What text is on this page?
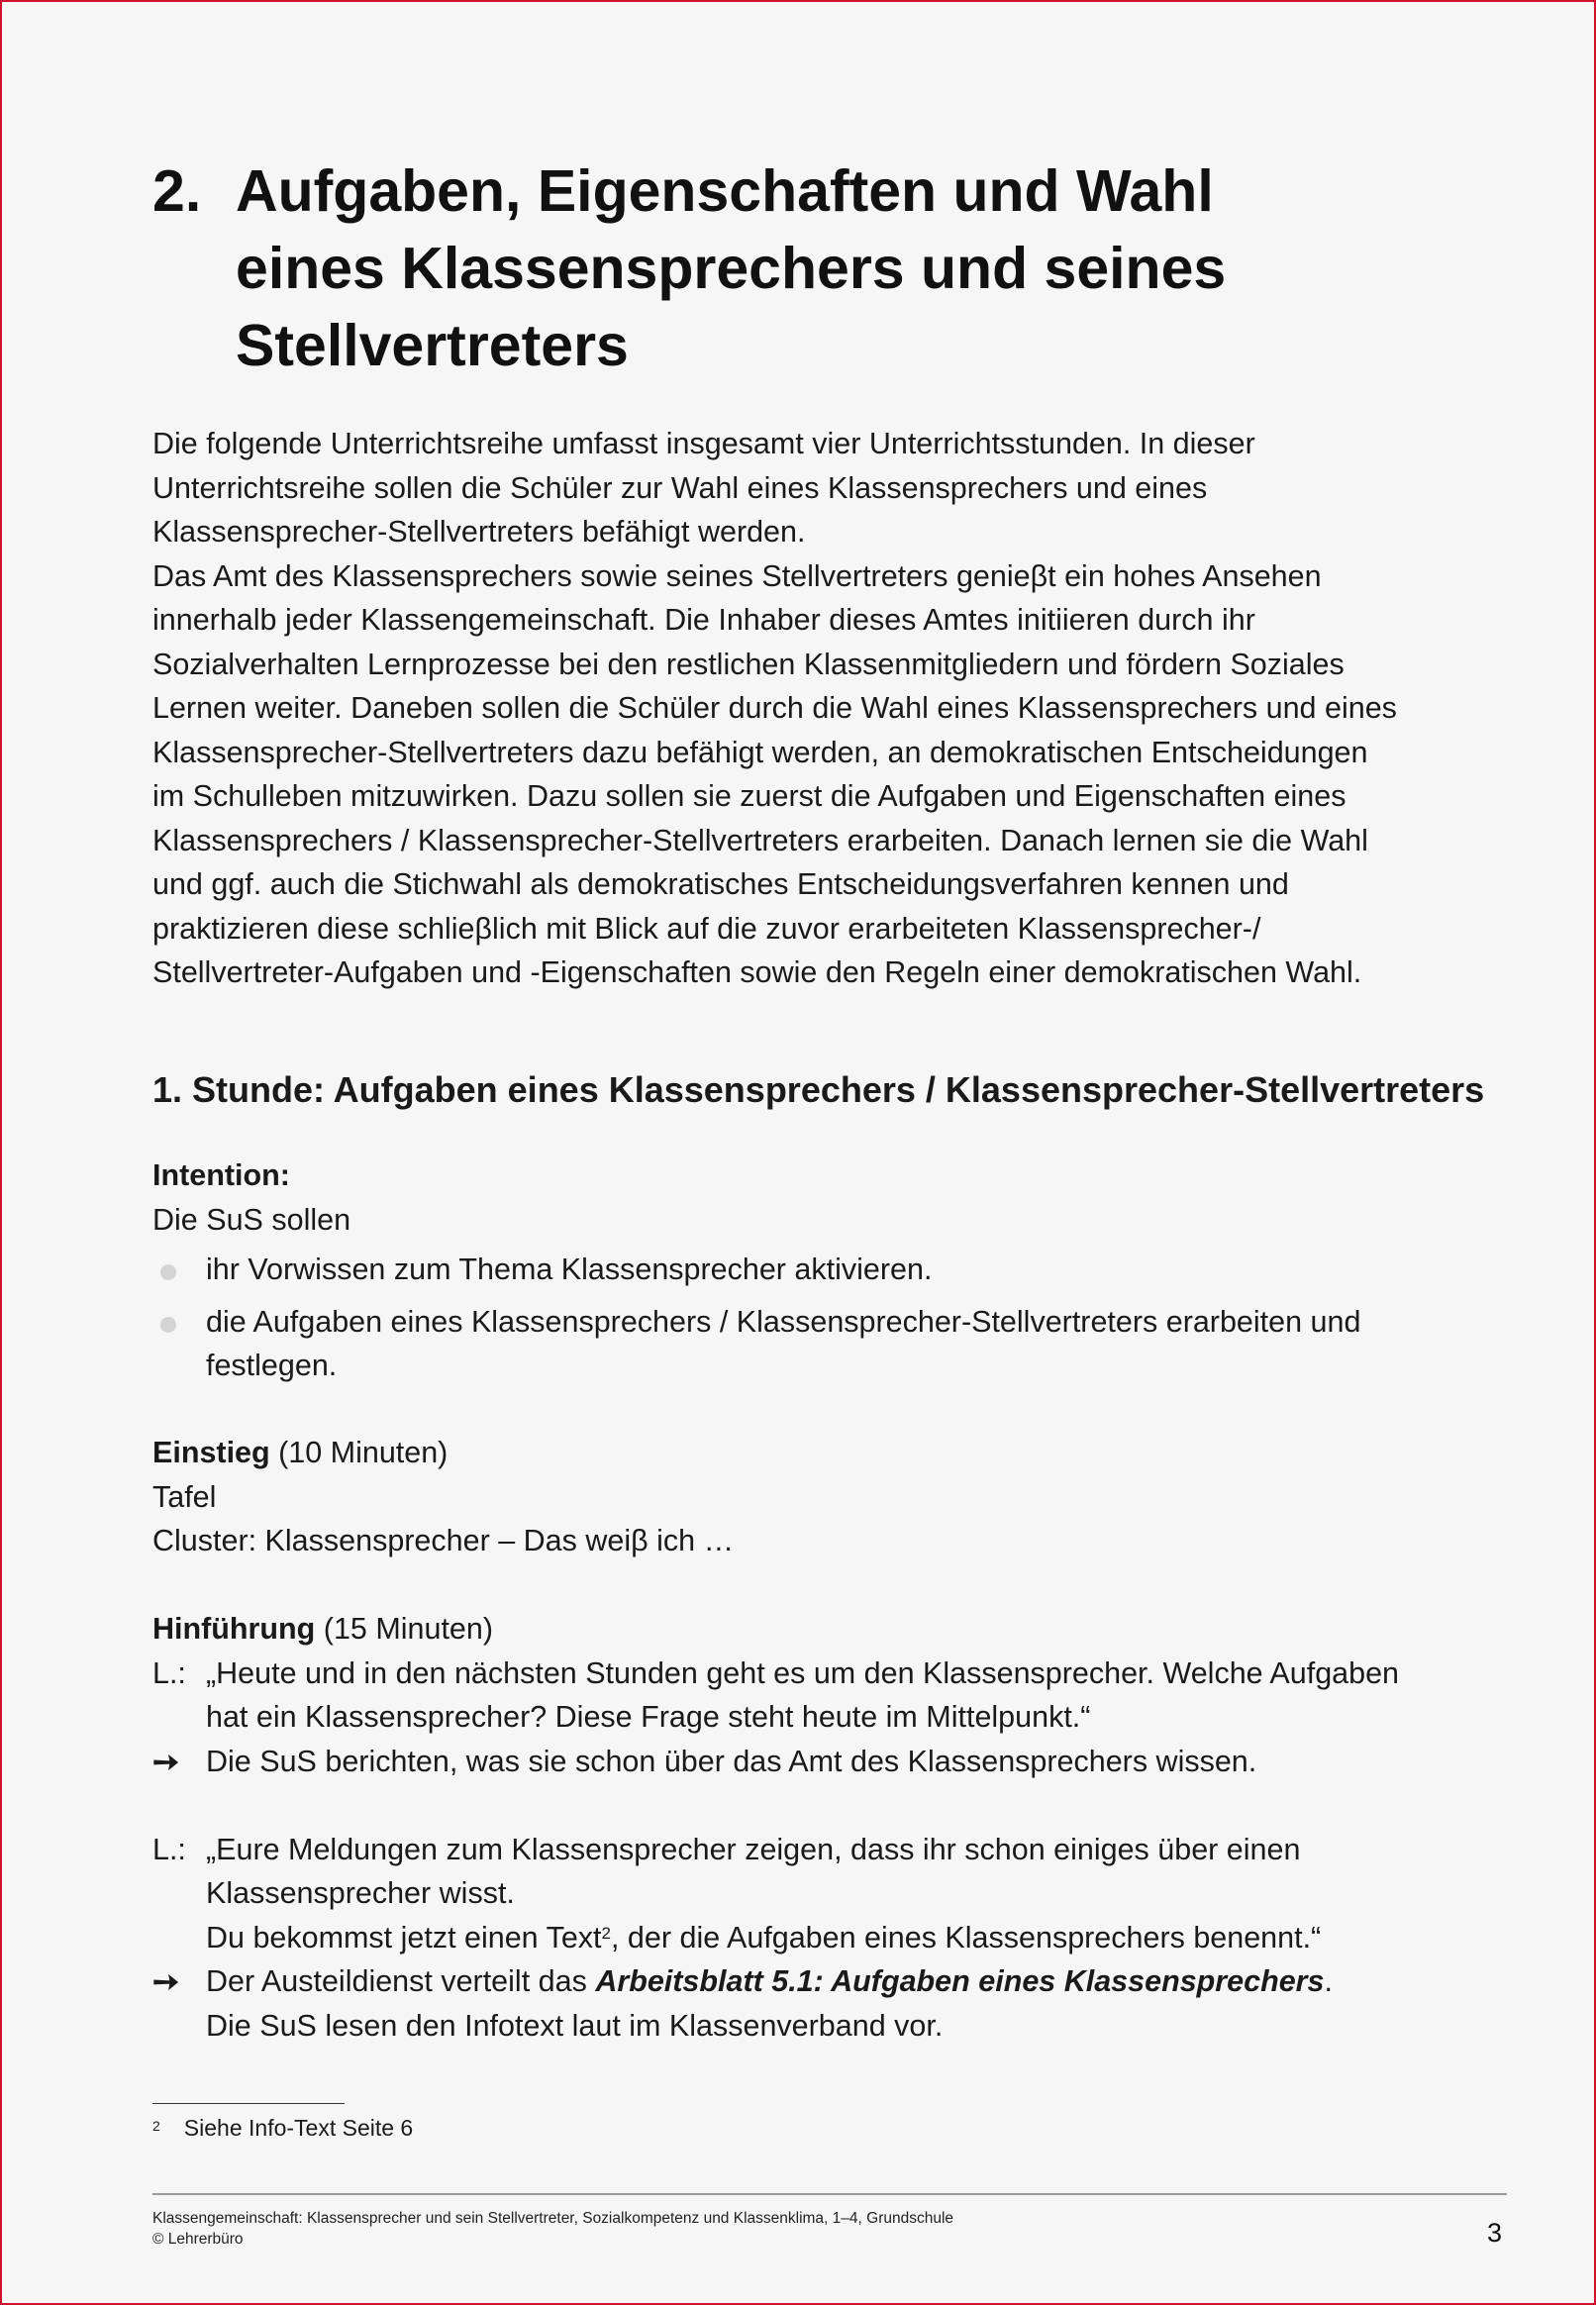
2. Aufgaben, Eigenschaften und Wahl
eines Klassensprechers und seines
Stellvertreters

Die folgende Unterrichtsreihe umfasst insgesamt vier Unterrichtsstunden. In dieser
Unterrichtsreihe sollen die Schüler zur Wahl eines Klassensprechers und eines
Klassensprecher-Stellvertreters befähigt werden.

Das Amt des Klassensprechers sowie seines Stellvertreters genieβt ein hohes Ansehen
innerhalb jeder Klassengemeinschaft. Die Inhaber dieses Amtes initiieren durch ihr
Sozialverhalten Lernprozesse bei den restlichen Klassenmitgliedern und fördern Soziales
Lernen weiter. Daneben sollen die Schüler durch die Wahl eines Klassensprechers und eines
Klassensprecher-Stellvertreters dazu befähigt werden, an demokratischen Entscheidungen
im Schulleben mitzuwirken. Dazu sollen sie zuerst die Aufgaben und Eigenschaften eines
Klassensprechers / Klassensprecher-Stellvertreters erarbeiten. Danach lernen sie die Wahl
und ggf. auch die Stichwahl als demokratisches Entscheidungsverfahren kennen und
praktizieren diese schlieβlich mit Blick auf die zuvor erarbeiteten Klassensprecher-/
Stellvertreter-Aufgaben und -Eigenschaften sowie den Regeln einer demokratischen Wahl.

1. Stunde: Aufgaben eines Klassensprechers / Klassensprecher-Stellvertreters
Intention:
Die SuS sollen
ihr Vorwissen zum Thema Klassensprecher aktivieren.
die Aufgaben eines Klassensprechers / Klassensprecher-Stellvertreters erarbeiten und
festlegen.
Einstieg (10 Minuten)
Tafel
Cluster: Klassensprecher – Das weiβ ich …
Hinführung (15 Minuten)
L.: „Heute und in den nächsten Stunden geht es um den Klassensprecher. Welche Aufgaben
hat ein Klassensprecher? Diese Frage steht heute im Mittelpunkt.“
➙ Die SuS berichten, was sie schon über das Amt des Klassensprechers wissen.
L.: „Eure Meldungen zum Klassensprecher zeigen, dass ihr schon einiges über einen
Klassensprecher wisst.
Du bekommst jetzt einen Text$^2$, der die Aufgaben eines Klassensprechers benennt.“
➙ Der Austeildienst verteilt das Arbeitsblatt 5.1: Aufgaben eines Klassensprechers.
Die SuS lesen den Infotext laut im Klassenverband vor.
$^2$ Siehe Info-Text Seite 6
Klassengemeinschaft: Klassensprecher und sein Stellvertreter, Sozialkompetenz und Klassenklima, 1–4, Grundschule
© Lehrerbüro	3
